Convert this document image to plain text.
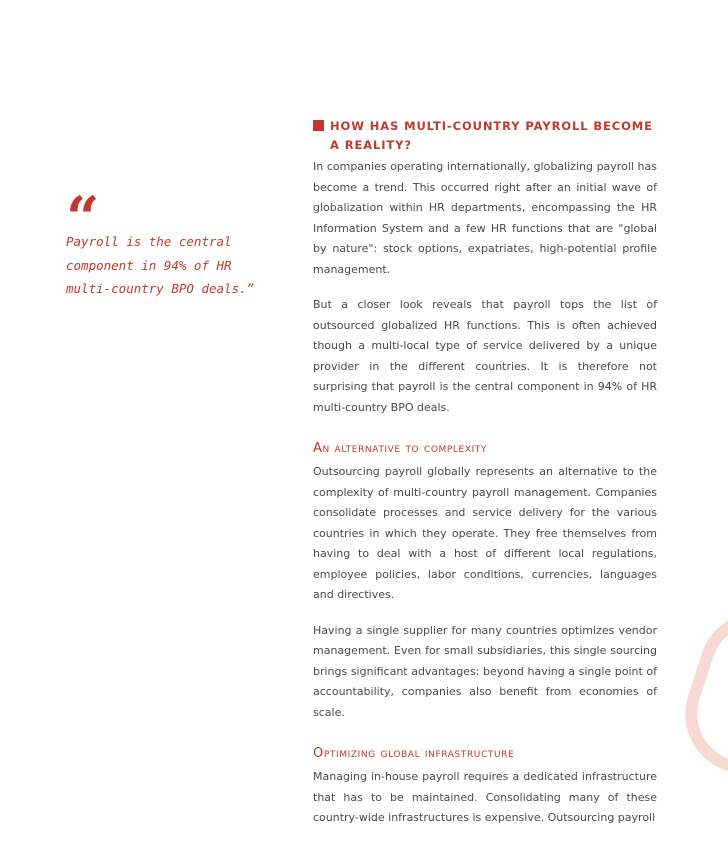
“
Payroll is the central component in 94% of HR multi-country BPO deals.”
HOW HAS MULTI-COUNTRY PAYROLL BECOME A REALITY?

In companies operating internationally, globalizing payroll has become a trend. This occurred right after an initial wave of globalization within HR departments, encompassing the HR Information System and a few HR functions that are "global by nature": stock options, expatriates, high-potential profile management.

But a closer look reveals that payroll tops the list of outsourced globalized HR functions. This is often achieved though a multi-local type of service delivered by a unique provider in the different countries. It is therefore not surprising that payroll is the central component in 94% of HR multi-country BPO deals.

An alternative to complexity

Outsourcing payroll globally represents an alternative to the complexity of multi-country payroll management. Companies consolidate processes and service delivery for the various countries in which they operate. They free themselves from having to deal with a host of different local regulations, employee policies, labor conditions, currencies, languages and directives.

Having a single supplier for many countries optimizes vendor management. Even for small subsidiaries, this single sourcing brings significant advantages: beyond having a single point of accountability, companies also benefit from economies of scale.

Optimizing global infrastructure

Managing in-house payroll requires a dedicated infrastructure that has to be maintained. Consolidating many of these country-wide infrastructures is expensive. Outsourcing payroll
